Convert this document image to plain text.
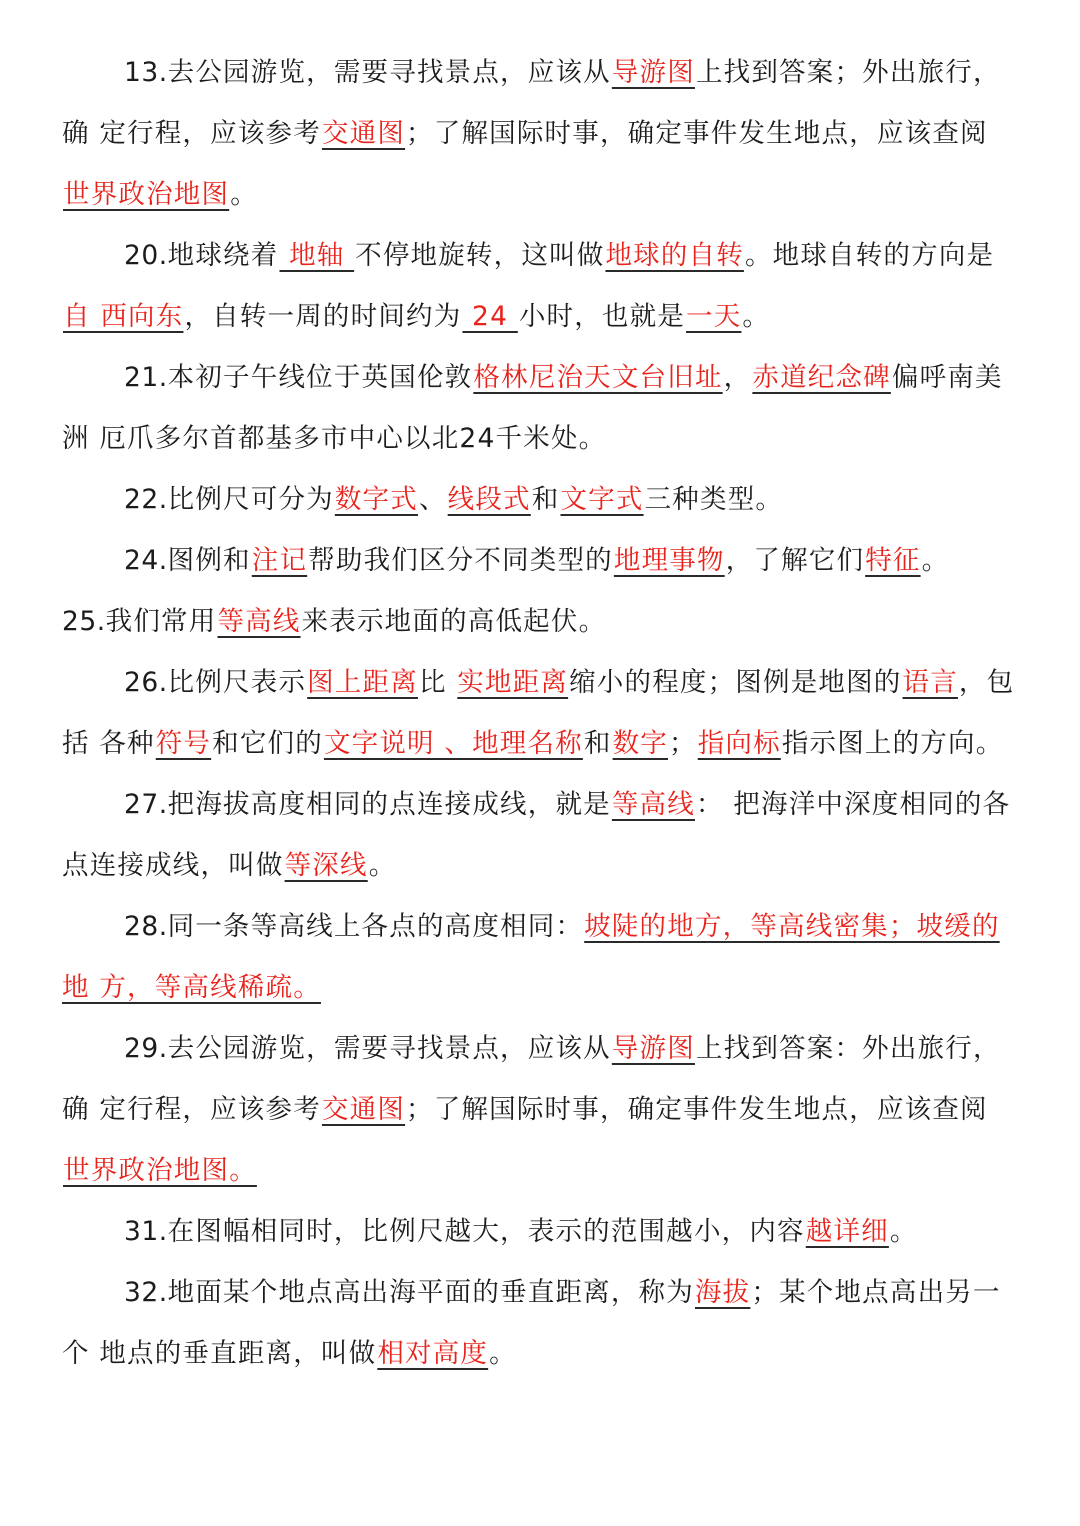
13.去公园游览，需要寻找景点，应该从导游图上找到答案；外出旅行，确 定行程，应该参考交通图；了解国际时事，确定事件发生地点，应该查阅 世界政治地图。

20.地球绕着 地轴 不停地旋转，这叫做地球的自转。地球自转的方向是自 西向东，自转一周的时间约为 24 小时，也就是一天。

21.本初子午线位于英国伦敦格林尼治天文台旧址，赤道纪念碑偏呼南美洲 厄爪多尔首都基多市中心以北24千米处。

22.比例尺可分为数字式、线段式和文字式三种类型。

24.图例和注记帮助我们区分不同类型的地理事物，了解它们特征。

25.我们常用等高线来表示地面的高低起伏。

26.比例尺表示图上距离比 实地距离缩小的程度；图例是地图的语言，包括 各种符号和它们的文字说明 、地理名称和数字；指向标指示图上的方向。

27.把海拔高度相同的点连接成线，就是等高线： 把海洋中深度相同的各 点连接成线，叫做等深线。

28.同一条等高线上各点的高度相同：坡陡的地方，等高线密集；坡缓的地 方，等高线稀疏。

29.去公园游览，需要寻找景点，应该从导游图上找到答案：外出旅行，确 定行程，应该参考交通图；了解国际时事，确定事件发生地点，应该查阅 世界政治地图。

31.在图幅相同时，比例尺越大，表示的范围越小，内容越详细。

32.地面某个地点高出海平面的垂直距离，称为海拔；某个地点高出另一个 地点的垂直距离，叫做相对高度。
